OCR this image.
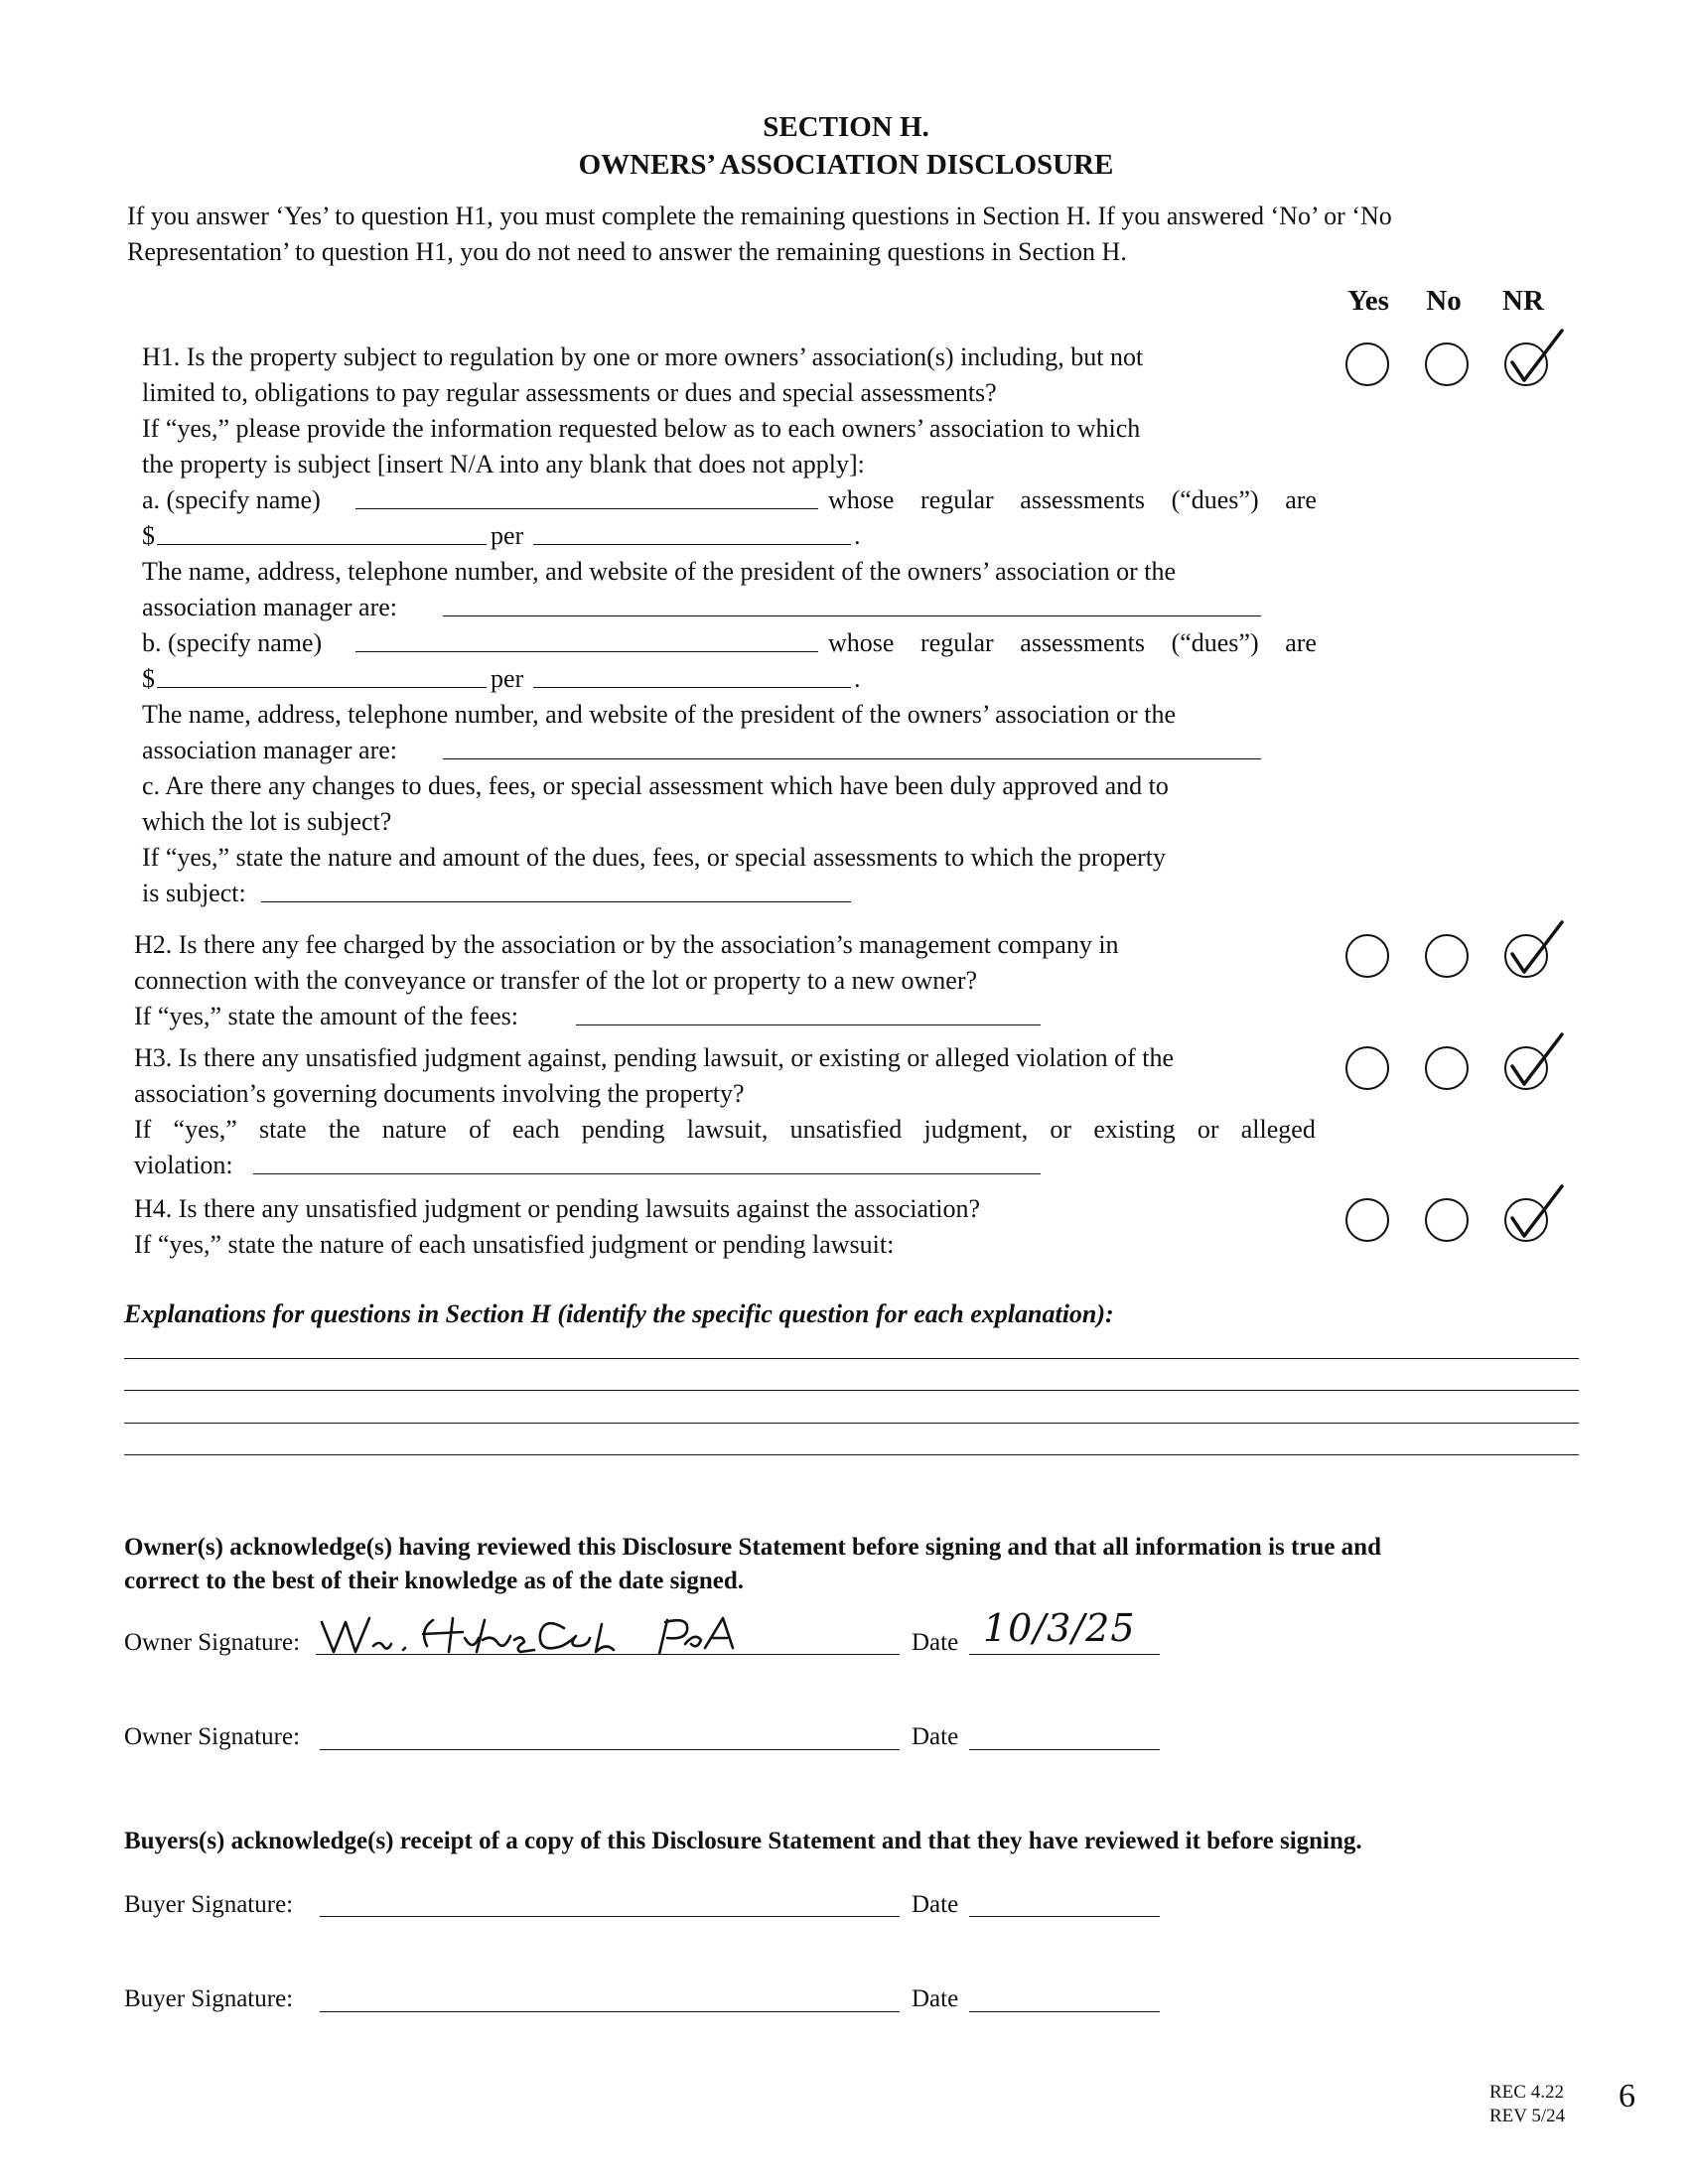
SECTION H.
OWNERS’ ASSOCIATION DISCLOSURE
If you answer ‘Yes’ to question H1, you must complete the remaining questions in Section H. If you answered ‘No’ or ‘No
Representation’ to question H1, you do not need to answer the remaining questions in Section H.
Yes	No	NR
H1. Is the property subject to regulation by one or more owners’ association(s) including, but not
limited to, obligations to pay regular assessments or dues and special assessments?
If “yes,” please provide the information requested below as to each owners’ association to which
the property is subject [insert N/A into any blank that does not apply]:
a. (specify name)	whose regular assessments (“dues”) are
$	per	.
The name, address, telephone number, and website of the president of the owners’ association or the
association manager are:
b. (specify name)	whose regular assessments (“dues”) are
$	per	.
The name, address, telephone number, and website of the president of the owners’ association or the
association manager are:
c. Are there any changes to dues, fees, or special assessment which have been duly approved and to
which the lot is subject?
If “yes,” state the nature and amount of the dues, fees, or special assessments to which the property
is subject:
H2. Is there any fee charged by the association or by the association’s management company in
connection with the conveyance or transfer of the lot or property to a new owner?
If “yes,” state the amount of the fees:
H3. Is there any unsatisfied judgment against, pending lawsuit, or existing or alleged violation of the
association’s governing documents involving the property?
If “yes,” state the nature of each pending lawsuit, unsatisfied judgment, or existing or alleged
violation:
H4. Is there any unsatisfied judgment or pending lawsuits against the association?
If “yes,” state the nature of each unsatisfied judgment or pending lawsuit:
Explanations for questions in Section H (identify the specific question for each explanation):
Owner(s) acknowledge(s) having reviewed this Disclosure Statement before signing and that all information is true and
correct to the best of their knowledge as of the date signed.
Owner Signature:	Date 10/3/25
Owner Signature:	Date
Buyers(s) acknowledge(s) receipt of a copy of this Disclosure Statement and that they have reviewed it before signing.
Buyer Signature:	Date
Buyer Signature:	Date
REC 4.22
REV 5/24
6
